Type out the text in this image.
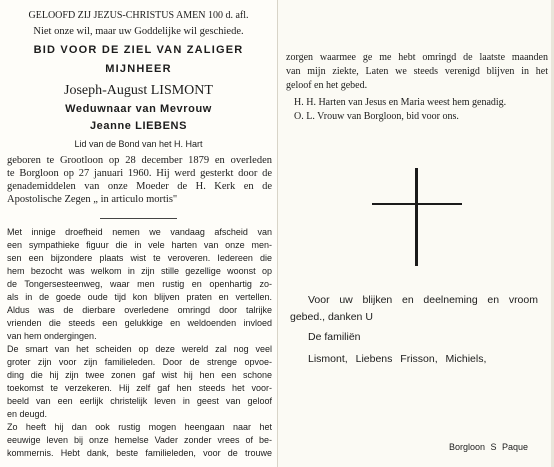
GELOOFD ZIJ JEZUS-CHRISTUS AMEN 100 d. afl.
Niet onze wil, maar uw Goddelijke wil geschiede.
BID VOOR DE ZIEL VAN ZALIGER
MIJNHEER
Joseph-August LISMONT
Weduwnaar van Mevrouw
Jeanne LIEBENS
Lid van de Bond van het H. Hart
geboren te Grootloon op 28 december 1879 en overleden
te Borgloon op 27 januari 1960. Hij werd gesterkt door de
genademiddelen van onze Moeder de H. Kerk en de
Apostolische Zegen „ in articulo mortis"
Met innige droefheid nemen we vandaag afscheid van
een sympathieke figuur die in vele harten van onze men-
sen een bijzondere plaats wist te veroveren. Iedereen die
hem bezocht was welkom in zijn stille gezellige woonst op
de Tongersesteenweg, waar men rustig en openhartig zo-
als in de goede oude tijd kon blijven praten en vertellen.
Aldus was de dierbare overledene omringd door talrijke
vrienden die steeds een gelukkige en weldoenden invloed
van hem ondergingen.
De smart van het scheiden op deze wereld zal nog veel
groter zijn voor zijn familieleden. Door de strenge opvoe-
ding die hij zijn twee zonen gaf wist hij hen een schone
toekomst te verzekeren. Hij zelf gaf hen steeds het voor-
beeld van een eerlijk christelijk leven in geest van geloof
en deugd.
Zo heeft hij dan ook rustig mogen heengaan naar het
eeuwige leven bij onze hemelse Vader zonder vrees of be-
kommernis. Hebt dank, beste familieleden, voor de trouwe
zorgen waarmee ge me hebt omringd de laatste maanden
van mijn ziekte, Laten we steeds verenigd blijven in het
geloof en het gebed.
H. H. Harten van Jesus en Maria weest hem genadig.
O. L. Vrouw van Borgloon, bid voor ons.
Voor uw blijken en deelneming en vroom
gebed., danken U
De familiën
Lismont, Liebens Frisson, Michiels,
Borgloon S Paque
